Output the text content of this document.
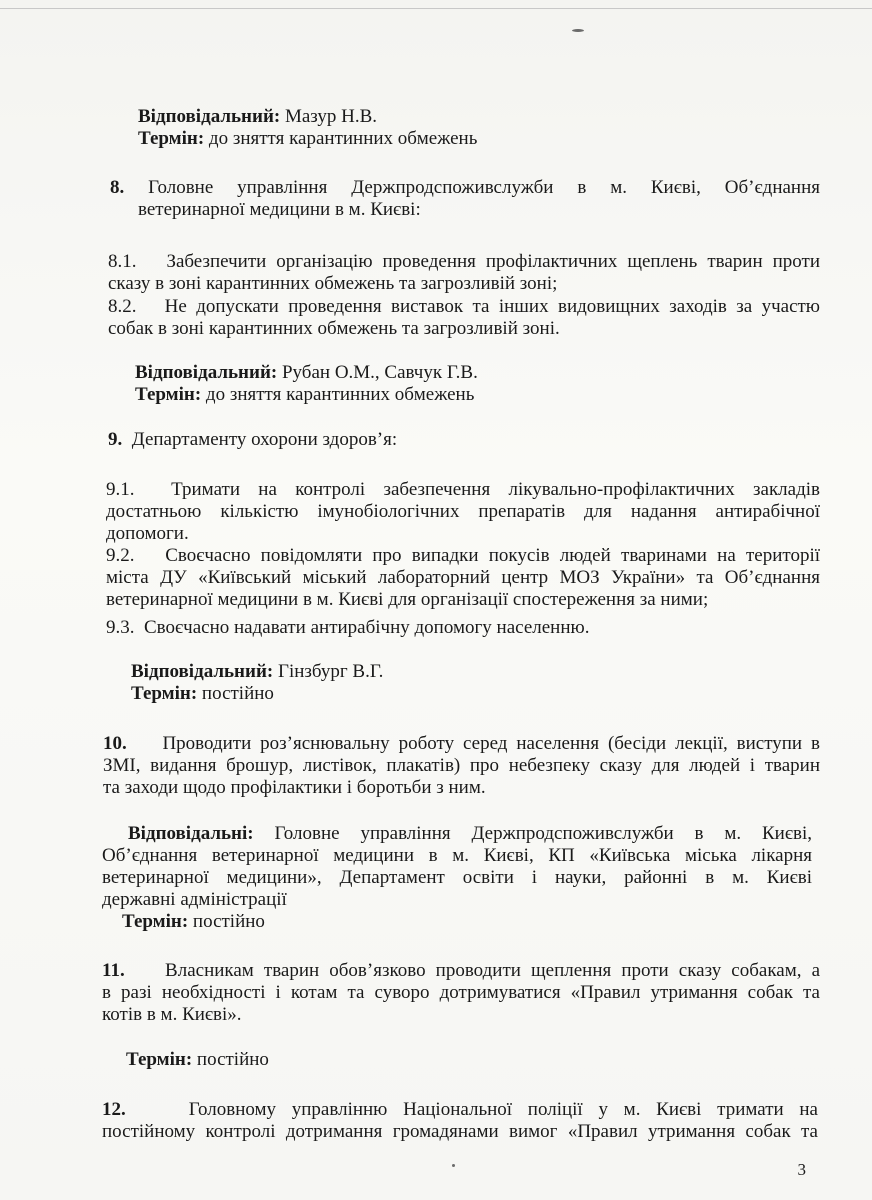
Відповідальний: Мазур Н.В.
Термін: до зняття карантинних обмежень
8. Головне управління Держпродспоживслужби в м. Києві, Об’єднання
ветеринарної медицини в м. Києві:
8.1. Забезпечити організацію проведення профілактичних щеплень тварин проти
сказу в зоні карантинних обмежень та загрозливій зоні;
8.2. Не допускати проведення виставок та інших видовищних заходів за участю
собак в зоні карантинних обмежень та загрозливій зоні.
Відповідальний: Рубан О.М., Савчук Г.В.
Термін: до зняття карантинних обмежень
9. Департаменту охорони здоров’я:
9.1. Тримати на контролі забезпечення лікувально-профілактичних закладів
достатньою кількістю імунобіологічних препаратів для надання антирабічної
допомоги.
9.2. Своєчасно повідомляти про випадки покусів людей тваринами на території
міста ДУ «Київський міський лабораторний центр МОЗ України» та Об’єднання
ветеринарної медицини в м. Києві для організації спостереження за ними;
9.3. Своєчасно надавати антирабічну допомогу населенню.
Відповідальний: Гінзбург В.Г.
Термін: постійно
10. Проводити роз’яснювальну роботу серед населення (бесіди лекції, виступи в
ЗМІ, видання брошур, листівок, плакатів) про небезпеку сказу для людей і тварин
та заходи щодо профілактики і боротьби з ним.
Відповідальні: Головне управління Держпродспоживслужби в м. Києві,
Об’єднання ветеринарної медицини в м. Києві, КП «Київська міська лікарня
ветеринарної медицини», Департамент освіти і науки, районні в м. Києві
державні адміністрації
Термін: постійно
11. Власникам тварин обов’язково проводити щеплення проти сказу собакам, а
в разі необхідності і котам та суворо дотримуватися «Правил утримання собак та
котів в м. Києві».
Термін: постійно
12.	Головному управлінню Національної поліції у м. Києві тримати на
постійному контролі дотримання громадянами вимог «Правил утримання собак та
3
